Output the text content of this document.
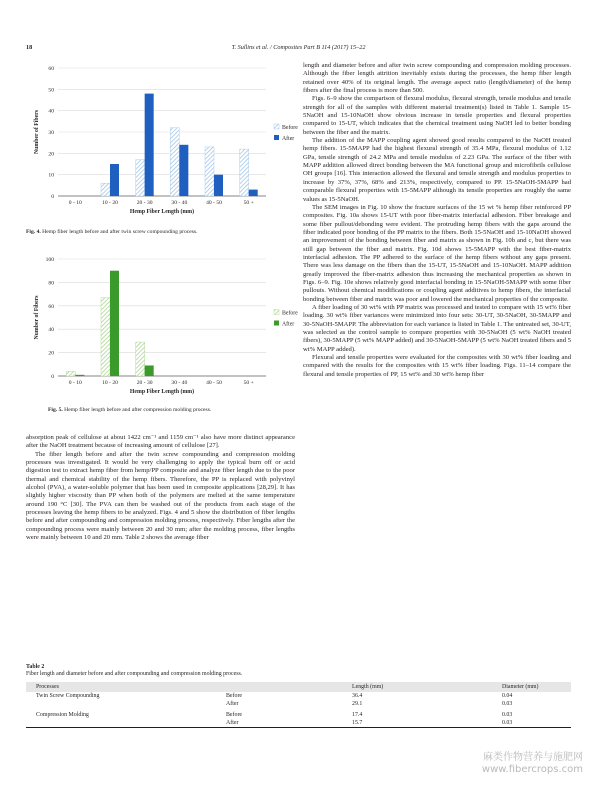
18	T. Sullins et al. / Composites Part B 114 (2017) 15–22
0
10
20
30
40
50
60
0 - 10	10 - 20	20 - 30	30 - 40	40 - 50	50 +
Hemp Fiber Length (mm)
Number of Fibers	Before
After
Fig. 4. Hemp fiber length before and after twin screw compounding process.
0
20
40
60
80
100
0 - 10	10 - 20	20 - 30	30 - 40	40 - 50	50 +
Hemp Fiber Length (mm)
Number of Fibers	Before
After
Fig. 5. Hemp fiber length before and after compression molding process.

absorption peak of cellulose at about 1422 cm⁻¹ and 1159 cm⁻¹ also have more distinct appearance after the NaOH treatment because of increasing amount of cellulose [27].

The fiber length before and after the twin screw compounding and compression molding processes was investigated. It would be very challenging to apply the typical burn off or acid digestion test to extract hemp fiber from hemp/PP composite and analyze fiber length due to the poor thermal and chemical stability of the hemp fibers. Therefore, the PP is replaced with polyvinyl alcohol (PVA), a water-soluble polymer that has been used in composite applications [28,29]. It has slightly higher viscosity than PP when both of the polymers are melted at the same temperature around 190 °C [30]. The PVA can then be washed out of the products from each stage of the processes leaving the hemp fibers to be analyzed. Figs. 4 and 5 show the distribution of fiber lengths before and after compounding and compression molding process, respectively. Fiber lengths after the compounding process were mainly between 20 and 30 mm; after the molding process, fiber lengths were mainly between 10 and 20 mm. Table 2 shows the average fiber

length and diameter before and after twin screw compounding and compression molding processes. Although the fiber length attrition inevitably exists during the processes, the hemp fiber length retained over 40% of its original length. The average aspect ratio (length/diameter) of the hemp fibers after the final process is more than 500.

Figs. 6–9 show the comparison of flexural modulus, flexural strength, tensile modulus and tensile strength for all of the samples with different material treatment(s) listed in Table 1. Sample 15-5NaOH and 15-10NaOH show obvious increase in tensile properties and flexural properties compared to 15-UT, which indicates that the chemical treatment using NaOH led to better bonding between the fiber and the matrix.

The addition of the MAPP coupling agent showed good results compared to the NaOH treated hemp fibers. 15-5MAPP had the highest flexural strength of 35.4 MPa, flexural modulus of 1.12 GPa, tensile strength of 24.2 MPa and tensile modulus of 2.23 GPa. The surface of the fiber with MAPP addition allowed direct bonding between the MA functional group and microfibrils cellulose OH groups [16]. This interaction allowed the flexural and tensile strength and modulus properties to increase by 37%, 37%, 68% and 213%, respectively, compared to PP. 15-5NaOH-5MAPP had comparable flexural properties with 15-5MAPP although its tensile properties are roughly the same values as 15-5NaOH.

The SEM images in Fig. 10 show the fracture surfaces of the 15 wt % hemp fiber reinforced PP composites. Fig. 10a shows 15-UT with poor fiber-matrix interfacial adhesion. Fiber breakage and some fiber pullout/debonding were evident. The protruding hemp fibers with the gaps around the fiber indicated poor bonding of the PP matrix to the fibers. Both 15-5NaOH and 15-10NaOH showed an improvement of the bonding between fiber and matrix as shown in Fig. 10b and c, but there was still gap between the fiber and matrix. Fig. 10d shows 15-5MAPP with the best fiber-matrix interfacial adhesion. The PP adhered to the surface of the hemp fibers without any gaps present. There was less damage on the fibers than the 15-UT, 15-5NaOH and 15-10NaOH. MAPP addition greatly improved the fiber-matrix adhesion thus increasing the mechanical properties as shown in Figs. 6–9. Fig. 10e shows relatively good interfacial bonding in 15-5NaOH-5MAPP with some fiber pullouts. Without chemical modifications or coupling agent additives to hemp fibers, the interfacial bonding between fiber and matrix was poor and lowered the mechanical properties of the composite.

A fiber loading of 30 wt% with PP matrix was processed and tested to compare with 15 wt% fiber loading. 30 wt% fiber variances were minimized into four sets: 30-UT, 30-5NaOH, 30-5MAPP and 30-5NaOH-5MAPP. The abbreviation for each variance is listed in Table 1. The untreated set, 30-UT, was selected as the control sample to compare properties with 30-5NaOH (5 wt% NaOH treated fibers), 30-5MAPP (5 wt% MAPP added) and 30-5NaOH-5MAPP (5 wt% NaOH treated fibers and 5 wt% MAPP added).

Flexural and tensile properties were evaluated for the composites with 30 wt% fiber loading and compared with the results for the composites with 15 wt% fiber loading. Figs. 11–14 compare the flexural and tensile properties of PP, 15 wt% and 30 wt% hemp fiber

Table 2
Fiber length and diameter before and after compounding and compression molding process.
Processes		Length (mm)	Diameter (mm)
Twin Screw Compounding	Before	36.4	0.04
	After	29.1	0.03
Compression Molding	Before	17.4	0.03
	After	15.7	0.03
麻类作物营养与施肥网
www.fibercrops.com
